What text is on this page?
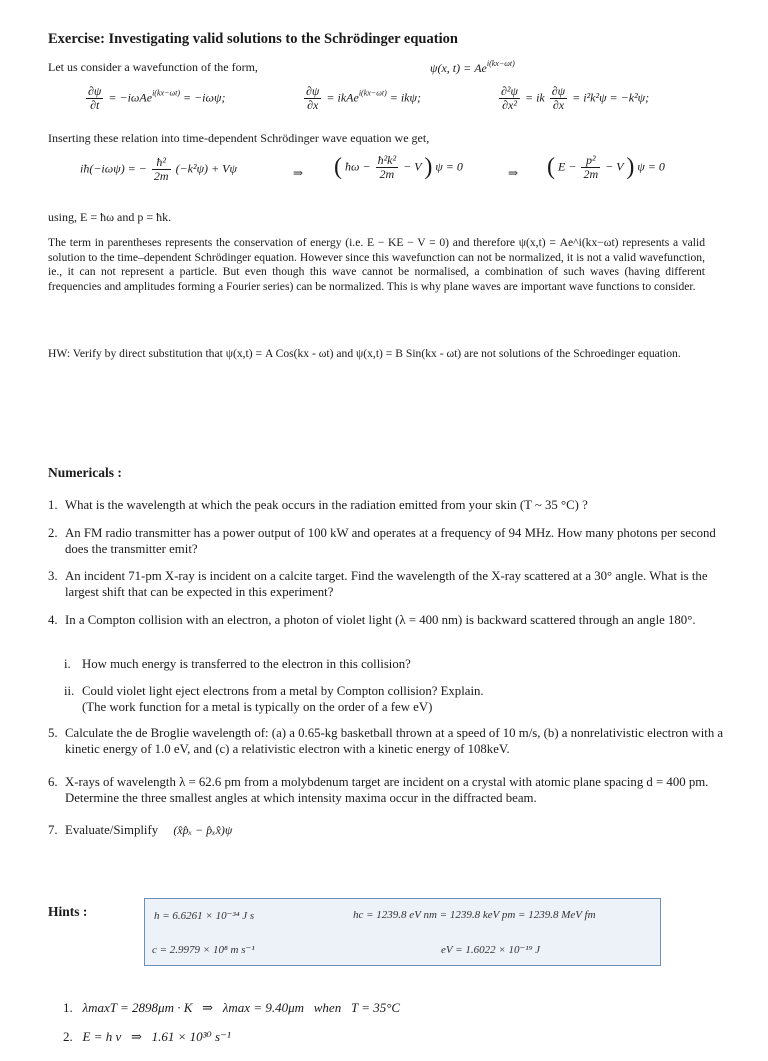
Exercise: Investigating valid solutions to the Schrödinger equation
Let us consider a wavefunction of the form,	ψ(x, $t) = Ae^{i(kx-\omega t)}$
$\frac{\partial\psi}{\partial t} = -i\omega Ae^{i(kx-\omega t)} = -i\omega\psi$;	$\frac{\partial\psi}{\partial x}$ = ikAe$^{i(kx-\omega t)}$ = ikψ;	$\frac{\text{∂²ψ}}{\text{∂x²}}$ = ik $\frac{\partial\psi}{\partial x} = i^2k^2\psi = -k^2\psi$;
Inserting these relation into time-dependent Schrödinger wave equation we get,
iħ(−iωψ) = − $\frac{\text{ħ²}}{2m} (-k^2\psi) + V\psi$	⇒ ( ħω − $\frac{\text{ħ²k²}}{2m} - V$ ) ψ = 0	⇒ ( $E - \frac{\text{p²}}{2m} - V$ ) ψ = 0
using, E = ħω and p = ħk.
The term in parentheses represents the conservation of energy (i.e. E − KE − V = 0) and therefore ψ(x,t) = Ae^i(kx−ωt) represents a valid solution to the time–dependent Schrödinger equation. However since this wavefunction can not be normalized, it is not a valid wavefunction, ie., it can not represent a particle. But even though this wave cannot be normalised, a combination of such waves (having different frequencies and amplitudes forming a Fourier series) can be normalized. This is why plane waves are important wave functions to consider.
HW: Verify by direct substitution that ψ(x,t) = A Cos(kx - ωt) and ψ(x,t) = B Sin(kx - ωt) are not solutions of the Schroedinger equation.
Numericals :
1. What is the wavelength at which the peak occurs in the radiation emitted from your skin (T ~ 35 °C) ?
2. An FM radio transmitter has a power output of 100 kW and operates at a frequency of 94 MHz. How many photons per second does the transmitter emit?
3. An incident 71-pm X-ray is incident on a calcite target. Find the wavelength of the X-ray scattered at a 30° angle. What is the largest shift that can be expected in this experiment?
4. In a Compton collision with an electron, a photon of violet light (λ = 400 nm) is backward scattered through an angle 180°.
i. How much energy is transferred to the electron in this collision?
ii. Could violet light eject electrons from a metal by Compton collision? Explain.
(The work function for a metal is typically on the order of a few eV)
5. Calculate the de Broglie wavelength of: (a) a 0.65-kg basketball thrown at a speed of 10 m/s, (b) a nonrelativistic electron with a kinetic energy of 1.0 eV, and (c) a relativistic electron with a kinetic energy of 108keV.
6. X-rays of wavelength λ = 62.6 pm from a molybdenum target are incident on a crystal with atomic plane spacing d = 400 pm. Determine the three smallest angles at which intensity maxima occur in the diffracted beam.
7. Evaluate/Simplify (x̂p̂ₓ − p̂ₓx̂)ψ
Hints :	h = 6.6261 × 10⁻³⁴ J s	hc = 1239.8 eV nm = 1239.8 keV pm = 1239.8 MeV fm
c = 2.9979 × 10⁸ m s⁻¹	eV = 1.6022 × 10⁻¹⁹ J

1. λmaxT = 2898μm · K   ⇒   λmax = 9.40μm   when   T = 35°C

2. E = h ν   ⇒   1.61 × 10³⁰ s⁻¹
